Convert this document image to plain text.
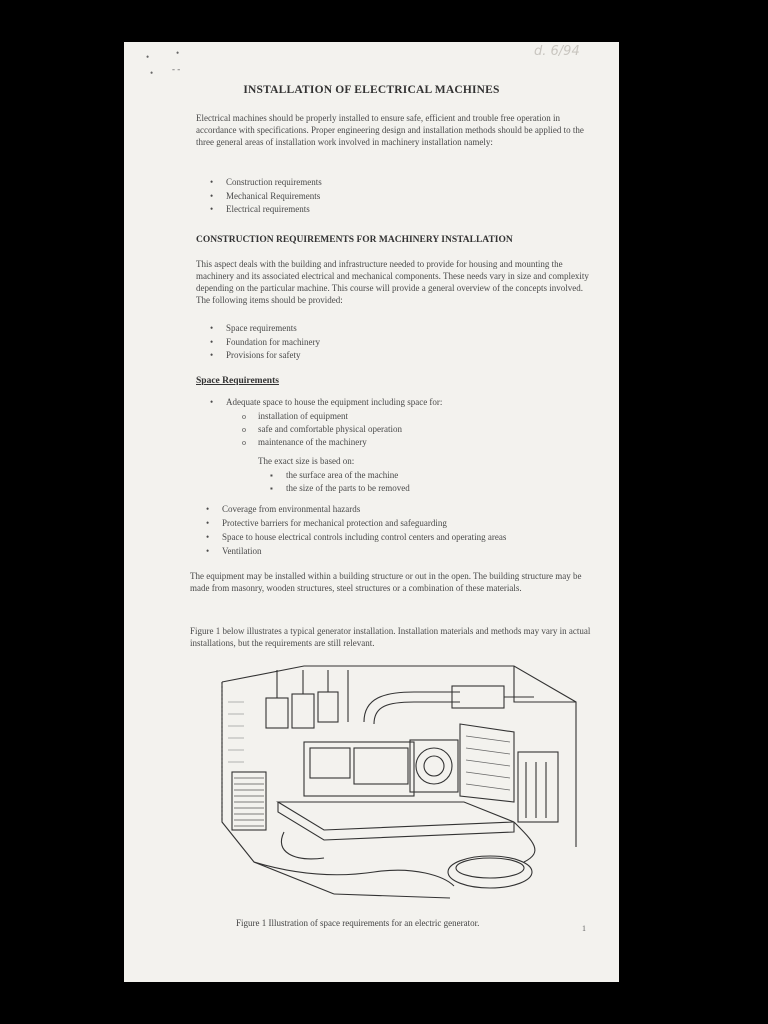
•	•
- -
•
d. 6/94
INSTALLATION OF ELECTRICAL MACHINES

Electrical machines should be properly installed to ensure safe, efficient and trouble free operation in accordance with specifications. Proper engineering design and installation methods should be applied to the three general areas of installation work involved in machinery installation namely:

• Construction requirements
• Mechanical Requirements
• Electrical requirements
CONSTRUCTION REQUIREMENTS FOR MACHINERY INSTALLATION

This aspect deals with the building and infrastructure needed to provide for housing and mounting the machinery and its associated electrical and mechanical components. These needs vary in size and complexity depending on the particular machine. This course will provide a general overview of the concepts involved. The following items should be provided:

• Space requirements
• Foundation for machinery
• Provisions for safety
Space Requirements
• Adequate space to house the equipment including space for:
o installation of equipment
o safe and comfortable physical operation
o maintenance of the machinery
The exact size is based on:
▪ the surface area of the machine
▪ the size of the parts to be removed
• Coverage from environmental hazards
• Protective barriers for mechanical protection and safeguarding
• Space to house electrical controls including control centers and operating areas
• Ventilation

The equipment may be installed within a building structure or out in the open. The building structure may be made from masonry, wooden structures, steel structures or a combination of these materials.

Figure 1 below illustrates a typical generator installation. Installation materials and methods may vary in actual installations, but the requirements are still relevant.

Figure 1 Illustration of space requirements for an electric generator.
1
